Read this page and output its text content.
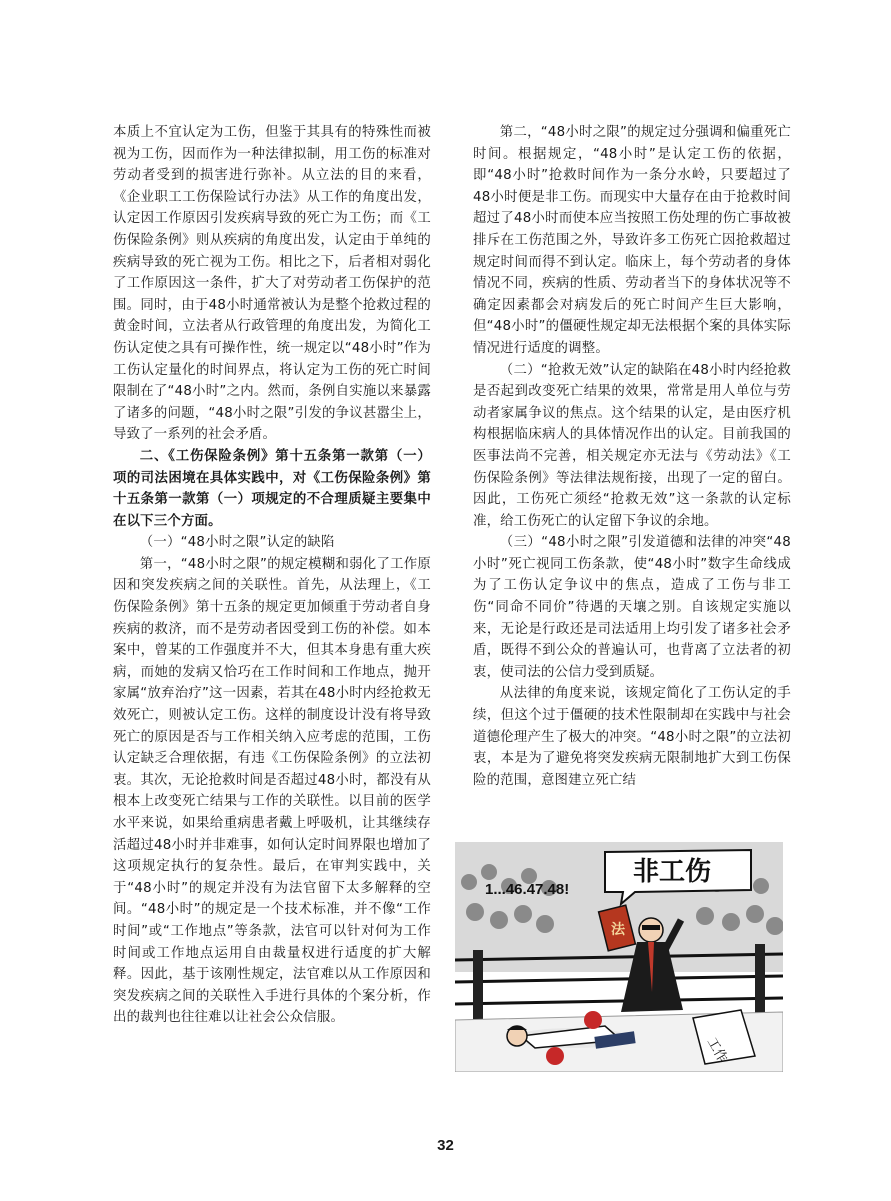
本质上不宜认定为工伤，但鉴于其具有的特殊性而被视为工伤，因而作为一种法律拟制，用工伤的标准对劳动者受到的损害进行弥补。从立法的目的来看，《企业职工工伤保险试行办法》从工作的角度出发，认定因工作原因引发疾病导致的死亡为工伤；而《工伤保险条例》则从疾病的角度出发，认定由于单纯的疾病导致的死亡视为工伤。相比之下，后者相对弱化了工作原因这一条件，扩大了对劳动者工伤保护的范围。同时，由于48小时通常被认为是整个抢救过程的黄金时间，立法者从行政管理的角度出发，为简化工伤认定使之具有可操作性，统一规定以“48小时”作为工伤认定量化的时间界点，将认定为工伤的死亡时间限制在了“48小时”之内。然而，条例自实施以来暴露了诸多的问题，“48小时之限”引发的争议甚嚣尘上，导致了一系列的社会矛盾。

二、《工伤保险条例》第十五条第一款第（一）项的司法困境在具体实践中，对《工伤保险条例》第十五条第一款第（一）项规定的不合理质疑主要集中在以下三个方面。

（一）“48小时之限”认定的缺陷

第一，“48小时之限”的规定模糊和弱化了工作原因和突发疾病之间的关联性。首先，从法理上，《工伤保险条例》第十五条的规定更加倾重于劳动者自身疾病的救济，而不是劳动者因受到工伤的补偿。如本案中，曾某的工作强度并不大，但其本身患有重大疾病，而她的发病又恰巧在工作时间和工作地点，抛开家属“放弃治疗”这一因素，若其在48小时内经抢救无效死亡，则被认定工伤。这样的制度设计没有将导致死亡的原因是否与工作相关纳入应考虑的范围，工伤认定缺乏合理依据，有违《工伤保险条例》的立法初衷。其次，无论抢救时间是否超过48小时，都没有从根本上改变死亡结果与工作的关联性。以目前的医学水平来说，如果给重病患者戴上呼吸机，让其继续存活超过48小时并非难事，如何认定时间界限也增加了这项规定执行的复杂性。最后，在审判实践中，关于“48小时”的规定并没有为法官留下太多解释的空间。“48小时”的规定是一个技术标准，并不像“工作时间”或“工作地点”等条款，法官可以针对何为工作时间或工作地点运用自由裁量权进行适度的扩大解释。因此，基于该刚性规定，法官难以从工作原因和突发疾病之间的关联性入手进行具体的个案分析，作出的裁判也往往难以让社会公众信服。

第二，“48小时之限”的规定过分强调和偏重死亡时间。根据规定，“48小时”是认定工伤的依据，即“48小时”抢救时间作为一条分水岭，只要超过了48小时便是非工伤。而现实中大量存在由于抢救时间超过了48小时而使本应当按照工伤处理的伤亡事故被排斥在工伤范围之外，导致许多工伤死亡因抢救超过规定时间而得不到认定。临床上，每个劳动者的身体情况不同，疾病的性质、劳动者当下的身体状况等不确定因素都会对病发后的死亡时间产生巨大影响，但“48小时”的僵硬性规定却无法根据个案的具体实际情况进行适度的调整。

（二）“抢救无效”认定的缺陷在48小时内经抢救是否起到改变死亡结果的效果，常常是用人单位与劳动者家属争议的焦点。这个结果的认定，是由医疗机构根据临床病人的具体情况作出的认定。目前我国的医事法尚不完善，相关规定亦无法与《劳动法》《工伤保险条例》等法律法规衔接，出现了一定的留白。因此，工伤死亡须经“抢救无效”这一条款的认定标准，给工伤死亡的认定留下争议的余地。

（三）“48小时之限”引发道德和法律的冲突“48小时”死亡视同工伤条款，使“48小时”数字生命线成为了工伤认定争议中的焦点，造成了工伤与非工伤“同命不同价”待遇的天壤之别。自该规定实施以来，无论是行政还是司法适用上均引发了诸多社会矛盾，既得不到公众的普遍认可，也背离了立法者的初衷，使司法的公信力受到质疑。

从法律的角度来说，该规定简化了工伤认定的手续，但这个过于僵硬的技术性限制却在实践中与社会道德伦理产生了极大的冲突。“48小时之限”的立法初衷，本是为了避免将突发疾病无限制地扩大到工伤保险的范围，意图建立死亡结

1...46.47.48!
非工伤
法
工作
32
